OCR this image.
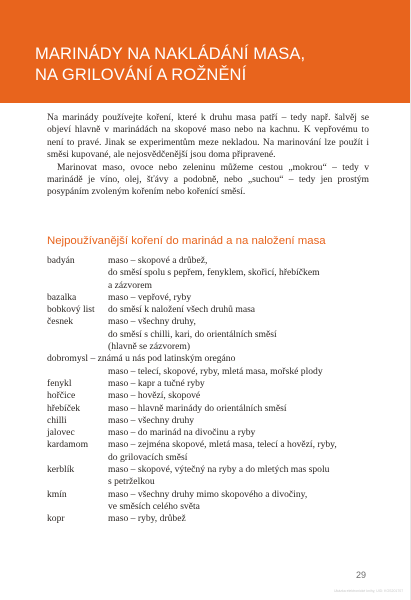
MARINÁDY NA NAKLÁDÁNÍ MASA,
NA GRILOVÁNÍ A ROŽNĚNÍ

Na marinády používejte koření, které k druhu masa patří – tedy např. šalvěj se objeví hlavně v marinádách na skopové maso nebo na kachnu. K vepřovému to není to pravé. Jinak se experimentům meze nekladou. Na marinování lze použít i směsi kupované, ale nejosvědčenější jsou doma připravené.

Marinovat maso, ovoce nebo zeleninu můžeme cestou „mokrou“ – tedy v marinádě je víno, olej, šťávy a podobně, nebo „suchou“ – tedy jen prostým posypáním zvoleným kořením nebo kořenící směsí.

Nejpoužívanější koření do marinád a na naložení masa
badyán	maso – skopové a drůbež,
do směsí spolu s pepřem, fenyklem, skořicí, hřebíčkem
a zázvorem
bazalka	maso – vepřové, ryby
bobkový list	do směsí k naložení všech druhů masa
česnek	maso – všechny druhy,
do směsí s chilli, kari, do orientálních směsí
(hlavně se zázvorem)
dobromysl – známá u nás pod latinským oregáno
maso – telecí, skopové, ryby, mletá masa, mořské plody
fenykl	maso – kapr a tučné ryby
hořčice	maso – hovězí, skopové
hřebíček	maso – hlavně marinády do orientálních směsí
chilli	maso – všechny druhy
jalovec	maso – do marinád na divočinu a ryby
kardamom	maso – zejména skopové, mletá masa, telecí a hovězí, ryby,
do grilovacích směsí
kerblík	maso – skopové, výtečný na ryby a do mletých mas spolu
s petrželkou
kmín	maso – všechny druhy mimo skopového a divočiny,
ve směsích celého světa
kopr	maso – ryby, drůbež
29
Ukázka elektronické knihy, UID: KOS201707
